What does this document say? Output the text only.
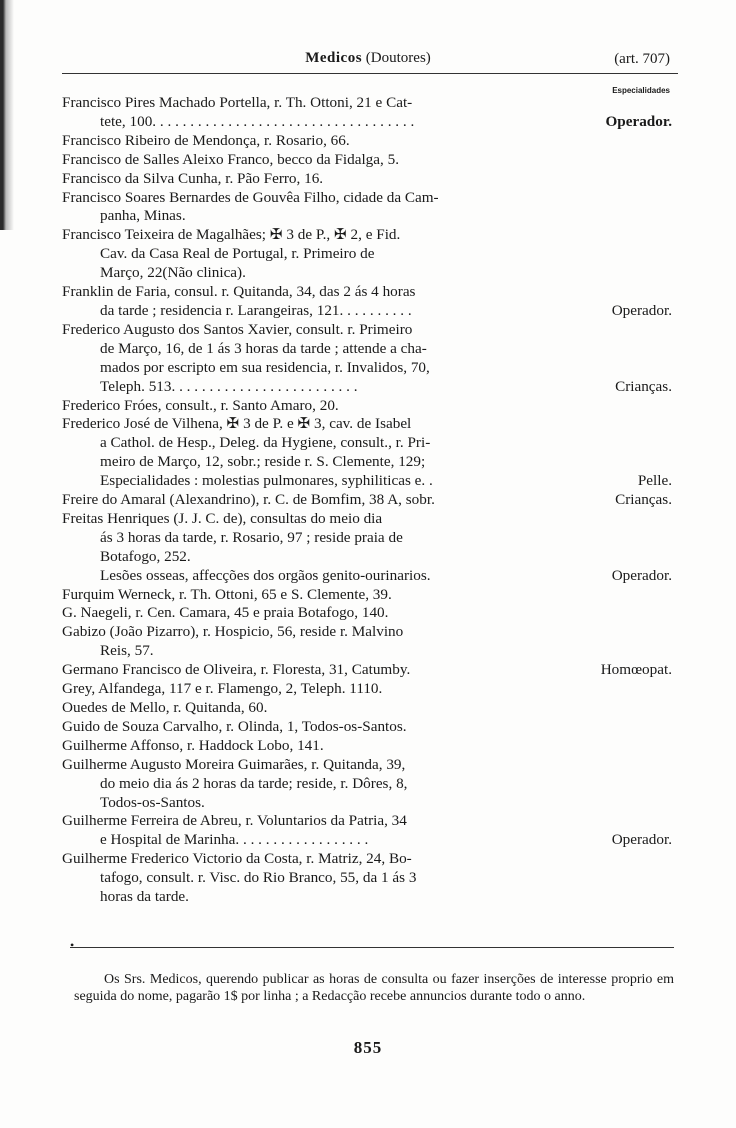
Medicos (Doutores)	(art. 707)
Especialidades
Francisco Pires Machado Portella, r. Th. Ottoni, 21 e Cat-
tete, 100. . . . . . . . . . . . . . . . . . . . . . . . . . . . . . . . . . .	Operador.
Francisco Ribeiro de Mendonça, r. Rosario, 66.
Francisco de Salles Aleixo Franco, becco da Fidalga, 5.
Francisco da Silva Cunha, r. Pão Ferro, 16.
Francisco Soares Bernardes de Gouvêa Filho, cidade da Cam-
panha, Minas.
Francisco Teixeira de Magalhães; ✠ 3 de P., ✠ 2, e Fid.
Cav. da Casa Real de Portugal, r. Primeiro de
Março, 22(Não clinica).
Franklin de Faria, consul. r. Quitanda, 34, das 2 ás 4 horas
da tarde ; residencia r. Larangeiras, 121. . . . . . . . . .	Operador.
Frederico Augusto dos Santos Xavier, consult. r. Primeiro
de Março, 16, de 1 ás 3 horas da tarde ; attende a cha-
mados por escripto em sua residencia, r. Invalidos, 70,
Teleph. 513. . . . . . . . . . . . . . . . . . . . . . . . .	Crianças.
Frederico Fróes, consult., r. Santo Amaro, 20.
Frederico José de Vilhena, ✠ 3 de P. e ✠ 3, cav. de Isabel
a Cathol. de Hesp., Deleg. da Hygiene, consult., r. Pri-
meiro de Março, 12, sobr.; reside r. S. Clemente, 129;
Especialidades : molestias pulmonares, syphiliticas e. .	Pelle.
Freire do Amaral (Alexandrino), r. C. de Bomfim, 38 A, sobr.	Crianças.
Freitas Henriques (J. J. C. de), consultas do meio dia
ás 3 horas da tarde, r. Rosario, 97 ; reside praia de
Botafogo, 252.
Lesões osseas, affecções dos orgãos genito-ourinarios.	Operador.
Furquim Werneck, r. Th. Ottoni, 65 e S. Clemente, 39.
G. Naegeli, r. Cen. Camara, 45 e praia Botafogo, 140.
Gabizo (João Pizarro), r. Hospicio, 56, reside r. Malvino
Reis, 57.
Germano Francisco de Oliveira, r. Floresta, 31, Catumby.	Homœopat.
Grey, Alfandega, 117 e r. Flamengo, 2, Teleph. 1110.
Ouedes de Mello, r. Quitanda, 60.
Guido de Souza Carvalho, r. Olinda, 1, Todos-os-Santos.
Guilherme Affonso, r. Haddock Lobo, 141.
Guilherme Augusto Moreira Guimarães, r. Quitanda, 39,
do meio dia ás 2 horas da tarde; reside, r. Dôres, 8,
Todos-os-Santos.
Guilherme Ferreira de Abreu, r. Voluntarios da Patria, 34
e Hospital de Marinha. . . . . . . . . . . . . . . . . .	Operador.
Guilherme Frederico Victorio da Costa, r. Matriz, 24, Bo-
tafogo, consult. r. Visc. do Rio Branco, 55, da 1 ás 3
horas da tarde.
•
Os Srs. Medicos, querendo publicar as horas de consulta ou fazer inserções de interesse proprio em seguida do nome, pagarão 1$ por linha ; a Redacção recebe annuncios durante todo o anno.
855
